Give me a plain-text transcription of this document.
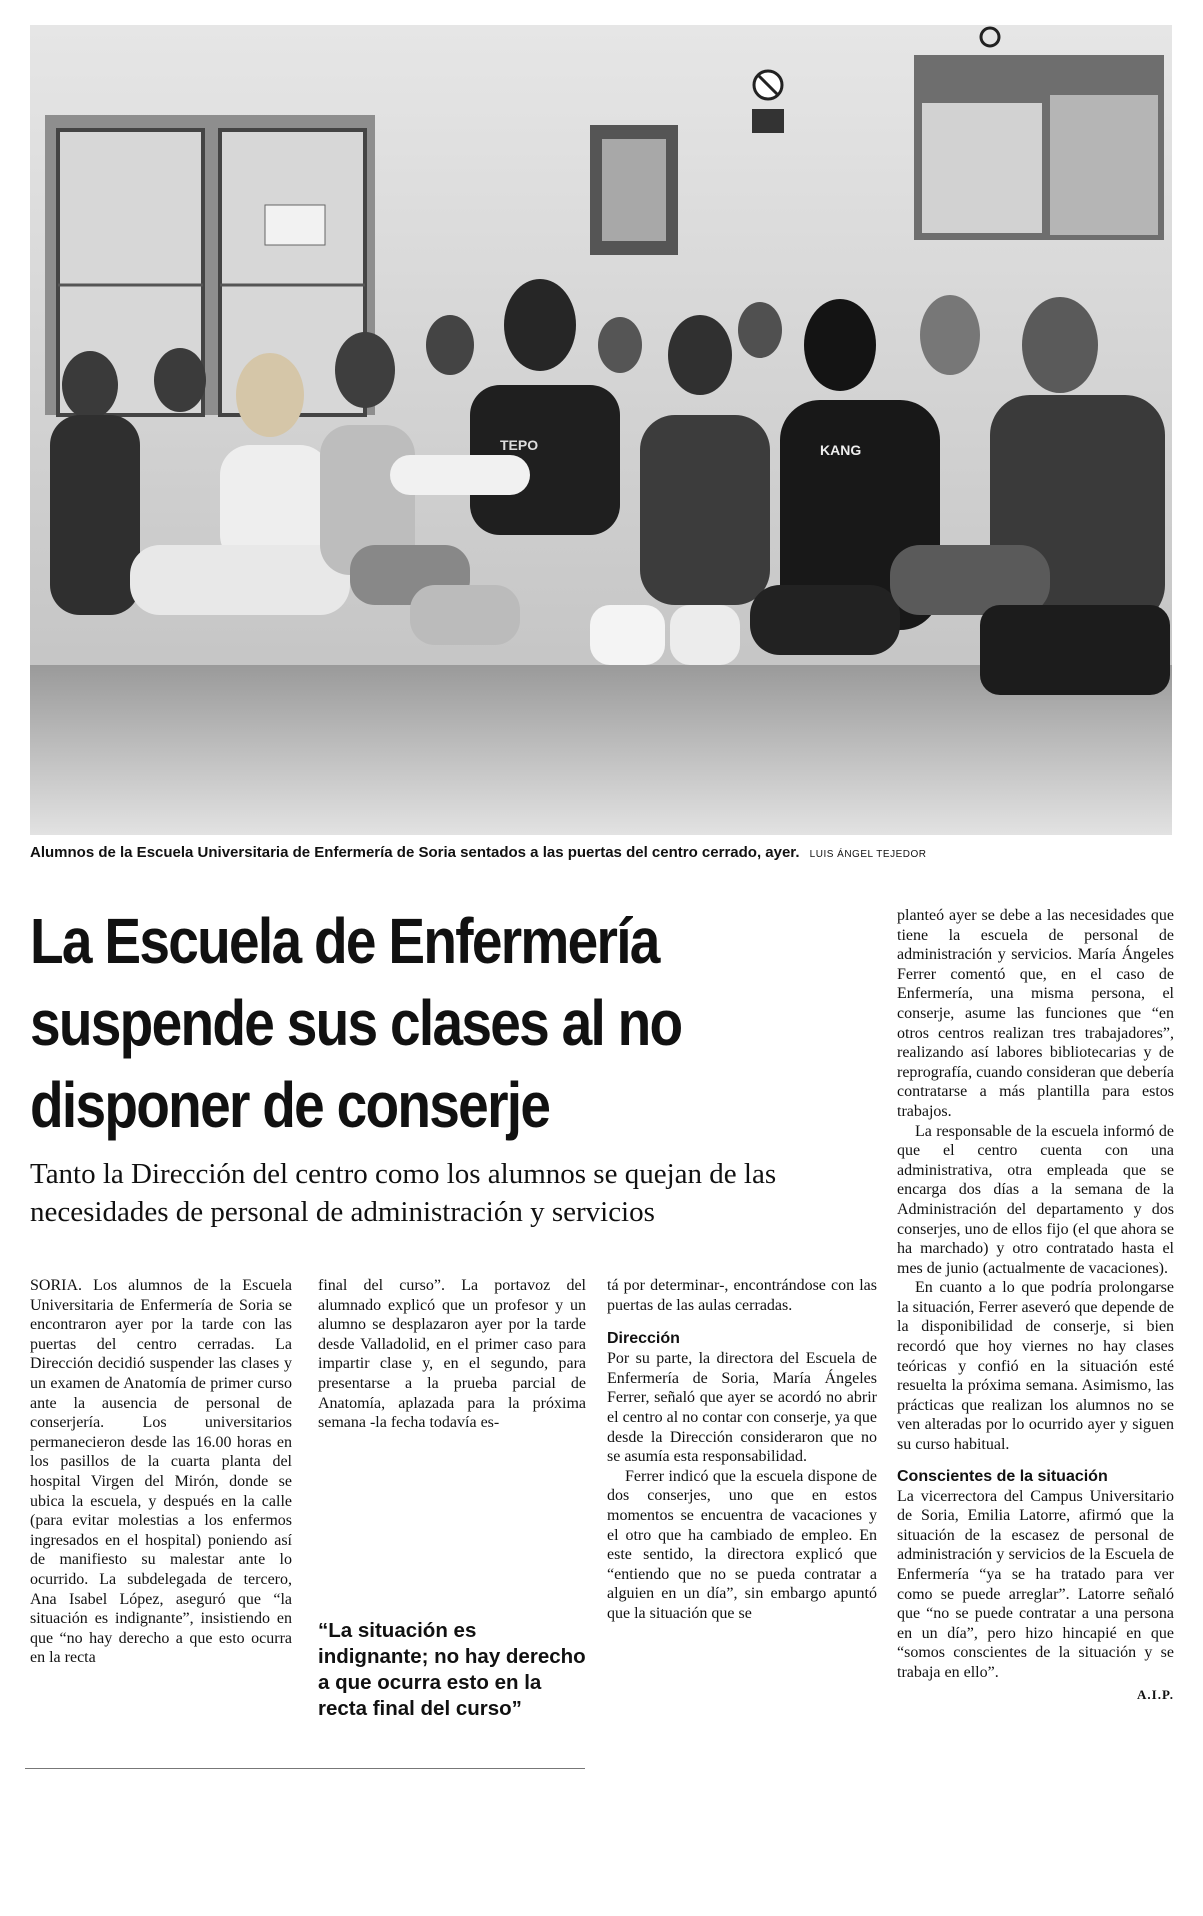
TEPO	KANG
Alumnos de la Escuela Universitaria de Enfermería de Soria sentados a las puertas del centro cerrado, ayer. LUIS ÁNGEL TEJEDOR
La Escuela de Enfermería suspende sus clases al no disponer de conserje

Tanto la Dirección del centro como los alumnos se quejan de las necesidades de personal de administración y servicios

SORIA. Los alumnos de la Escuela Universitaria de Enfermería de Soria se encontraron ayer por la tarde con las puertas del centro cerradas. La Dirección decidió suspender las clases y un examen de Anatomía de primer curso ante la ausencia de personal de conserjería. Los universitarios permanecieron desde las 16.00 horas en los pasillos de la cuarta planta del hospital Virgen del Mirón, donde se ubica la escuela, y después en la calle (para evitar molestias a los enfermos ingresados en el hospital) poniendo así de manifiesto su malestar ante lo ocurrido. La subdelegada de tercero, Ana Isabel López, aseguró que “la situación es indignante”, insistiendo en que “no hay derecho a que esto ocurra en la recta

final del curso”. La portavoz del alumnado explicó que un profesor y un alumno se desplazaron ayer por la tarde desde Valladolid, en el primer caso para impartir clase y, en el segundo, para presentarse a la prueba parcial de Anatomía, aplazada para la próxima semana -la fecha todavía es-

“La situación es indignante; no hay derecho a que ocurra esto en la recta final del curso”

tá por determinar-, encontrándose con las puertas de las aulas cerradas.

Dirección

Por su parte, la directora del Escuela de Enfermería de Soria, María Ángeles Ferrer, señaló que ayer se acordó no abrir el centro al no contar con conserje, ya que desde la Dirección consideraron que no se asumía esta responsabilidad.

Ferrer indicó que la escuela dispone de dos conserjes, uno que en estos momentos se encuentra de vacaciones y el otro que ha cambiado de empleo. En este sentido, la directora explicó que “entiendo que no se pueda contratar a alguien en un día”, sin embargo apuntó que la situación que se

planteó ayer se debe a las necesidades que tiene la escuela de personal de administración y servicios. María Ángeles Ferrer comentó que, en el caso de Enfermería, una misma persona, el conserje, asume las funciones que “en otros centros realizan tres trabajadores”, realizando así labores bibliotecarias y de reprografía, cuando consideran que debería contratarse a más plantilla para estos trabajos.

La responsable de la escuela informó de que el centro cuenta con una administrativa, otra empleada que se encarga dos días a la semana de la Administración del departamento y dos conserjes, uno de ellos fijo (el que ahora se ha marchado) y otro contratado hasta el mes de junio (actualmente de vacaciones).

En cuanto a lo que podría prolongarse la situación, Ferrer aseveró que depende de la disponibilidad de conserje, si bien recordó que hoy viernes no hay clases teóricas y confió en la situación esté resuelta la próxima semana. Asimismo, las prácticas que realizan los alumnos no se ven alteradas por lo ocurrido ayer y siguen su curso habitual.

Conscientes de la situación

La vicerrectora del Campus Universitario de Soria, Emilia Latorre, afirmó que la situación de la escasez de personal de administración y servicios de la Escuela de Enfermería “ya se ha tratado para ver como se puede arreglar”. Latorre señaló que “no se puede contratar a una persona en un día”, pero hizo hincapié en que “somos conscientes de la situación y se trabaja en ello”.

A.I.P.
